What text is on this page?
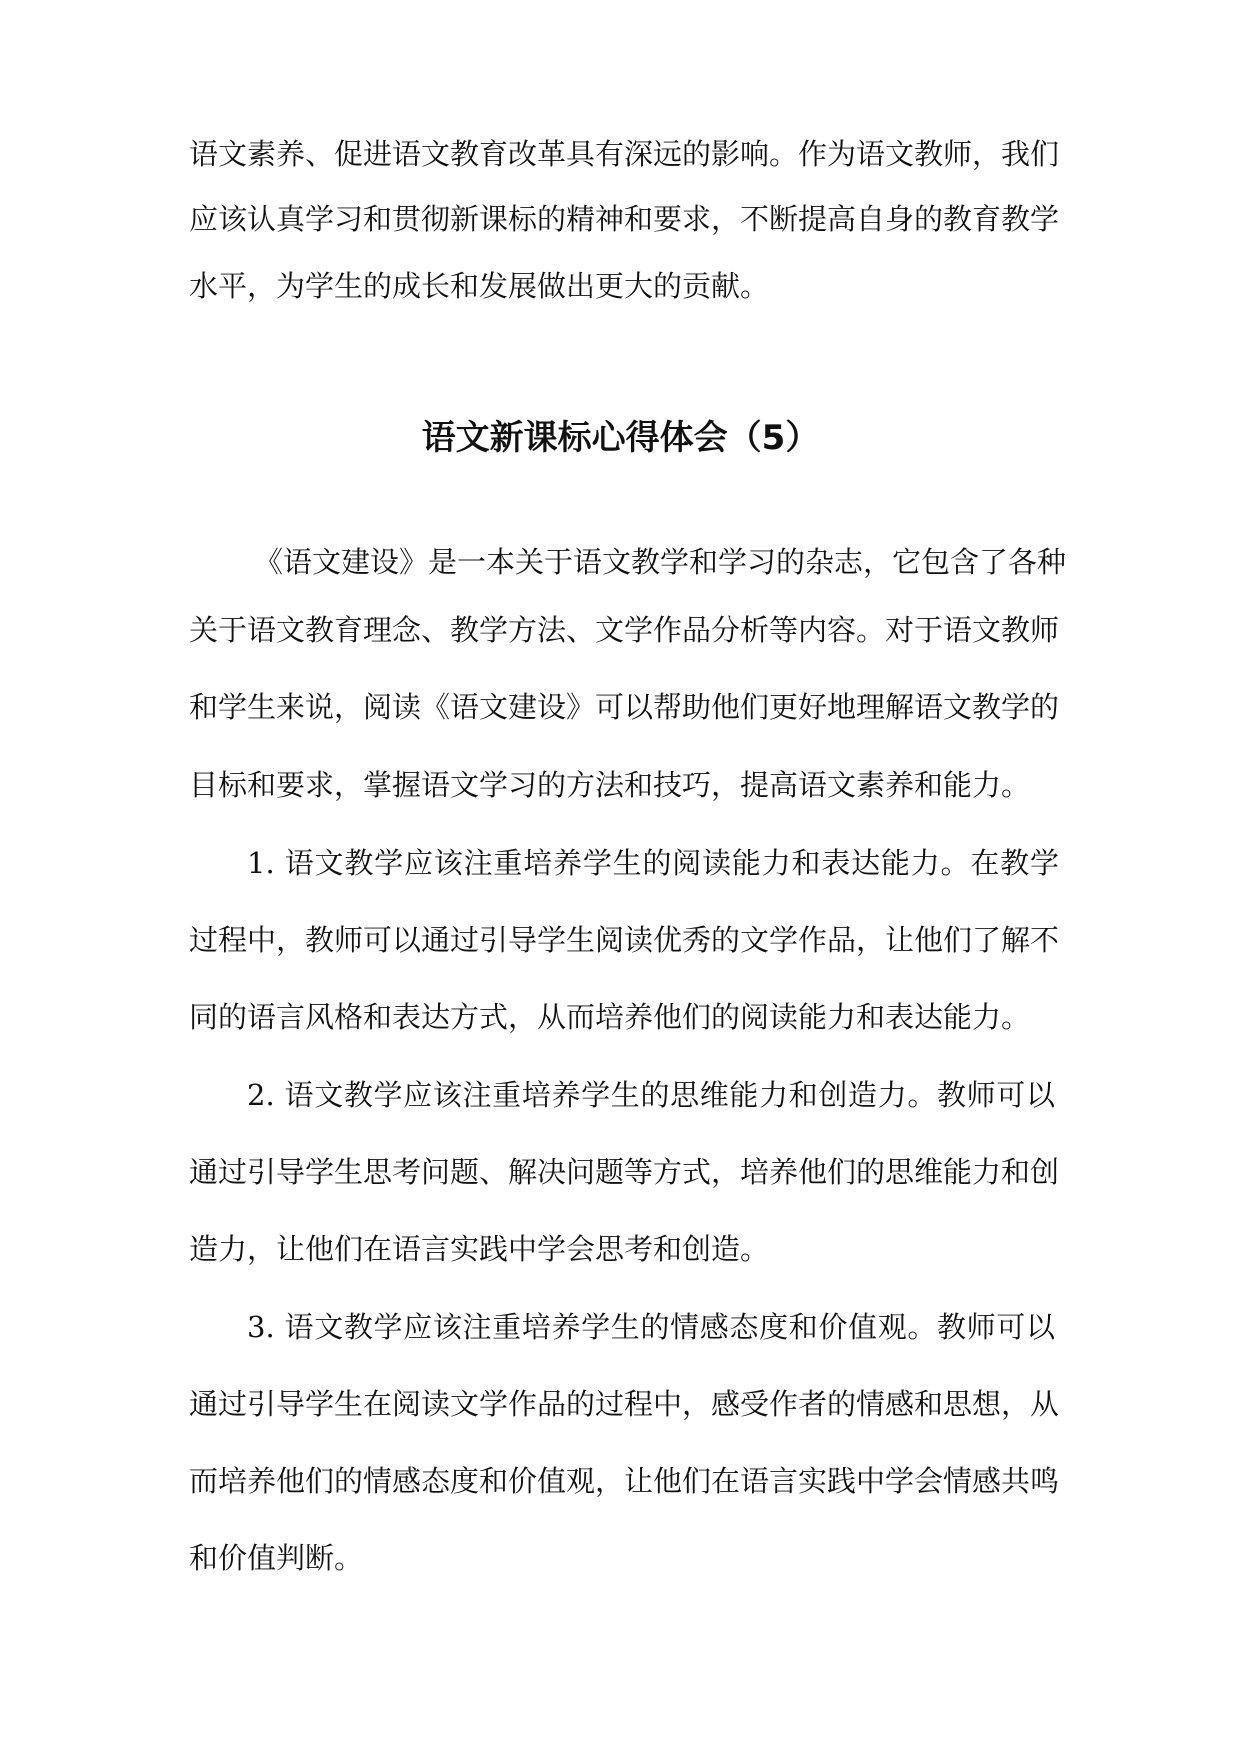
语文素养、促进语文教育改革具有深远的影响。作为语文教师，我们
应该认真学习和贯彻新课标的精神和要求，不断提高自身的教育教学
水平，为学生的成长和发展做出更大的贡献。
语文新课标心得体会（5）
《语文建设》是一本关于语文教学和学习的杂志，它包含了各种
关于语文教育理念、教学方法、文学作品分析等内容。对于语文教师
和学生来说，阅读《语文建设》可以帮助他们更好地理解语文教学的
目标和要求，掌握语文学习的方法和技巧，提高语文素养和能力。
1. 语文教学应该注重培养学生的阅读能力和表达能力。在教学
过程中，教师可以通过引导学生阅读优秀的文学作品，让他们了解不
同的语言风格和表达方式，从而培养他们的阅读能力和表达能力。
2. 语文教学应该注重培养学生的思维能力和创造力。教师可以
通过引导学生思考问题、解决问题等方式，培养他们的思维能力和创
造力，让他们在语言实践中学会思考和创造。
3. 语文教学应该注重培养学生的情感态度和价值观。教师可以
通过引导学生在阅读文学作品的过程中，感受作者的情感和思想，从
而培养他们的情感态度和价值观，让他们在语言实践中学会情感共鸣
和价值判断。
